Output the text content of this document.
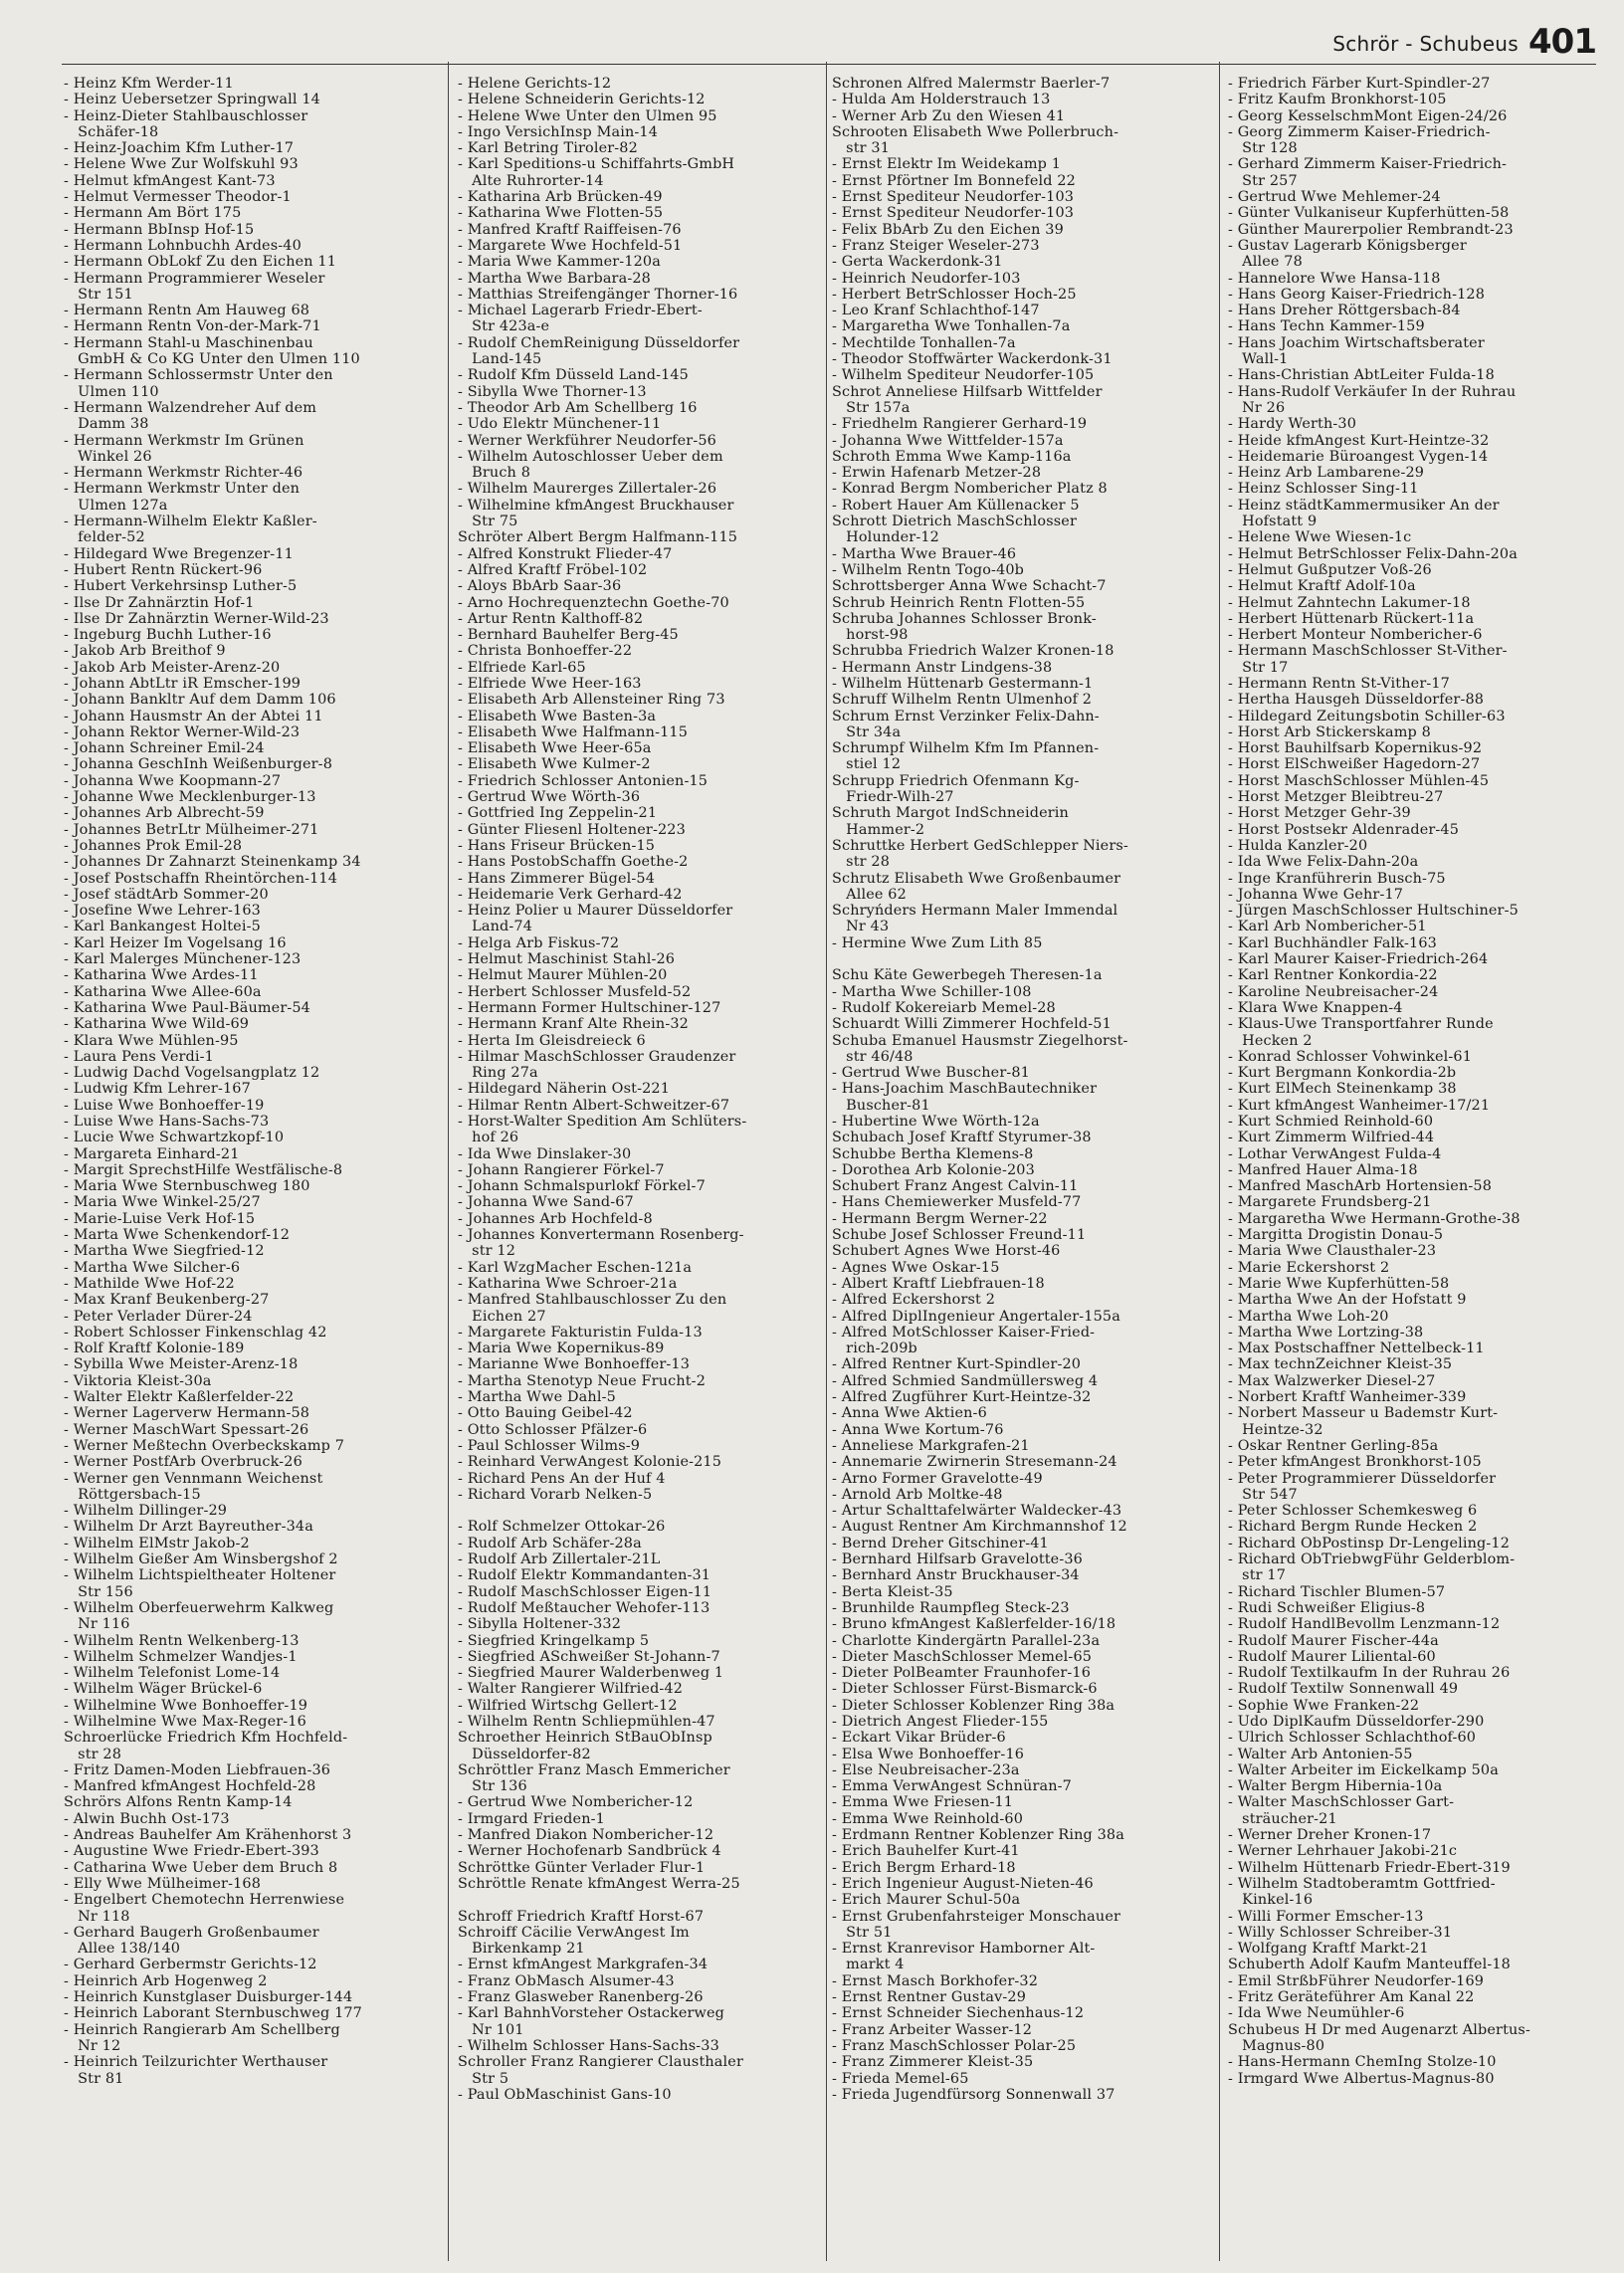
Schrör - Schubeus 401

- Heinz Kfm Werder-11

- Heinz Uebersetzer Springwall 14

- Heinz-Dieter Stahlbauschlosser

Schäfer-18

- Heinz-Joachim Kfm Luther-17

- Helene Wwe Zur Wolfskuhl 93

- Helmut kfmAngest Kant-73

- Helmut Vermesser Theodor-1

- Hermann Am Bört 175

- Hermann BbInsp Hof-15

- Hermann Lohnbuchh Ardes-40

- Hermann ObLokf Zu den Eichen 11

- Hermann Programmierer Weseler

Str 151

- Hermann Rentn Am Hauweg 68

- Hermann Rentn Von-der-Mark-71

- Hermann Stahl-u Maschinenbau

GmbH & Co KG Unter den Ulmen 110

- Hermann Schlossermstr Unter den

Ulmen 110

- Hermann Walzendreher Auf dem

Damm 38

- Hermann Werkmstr Im Grünen

Winkel 26

- Hermann Werkmstr Richter-46

- Hermann Werkmstr Unter den

Ulmen 127a

- Hermann-Wilhelm Elektr Kaßler-

felder-52

- Hildegard Wwe Bregenzer-11

- Hubert Rentn Rückert-96

- Hubert Verkehrsinsp Luther-5

- Ilse Dr Zahnärztin Hof-1

- Ilse Dr Zahnärztin Werner-Wild-23

- Ingeburg Buchh Luther-16

- Jakob Arb Breithof 9

- Jakob Arb Meister-Arenz-20

- Johann AbtLtr iR Emscher-199

- Johann Bankltr Auf dem Damm 106

- Johann Hausmstr An der Abtei 11

- Johann Rektor Werner-Wild-23

- Johann Schreiner Emil-24

- Johanna GeschInh Weißenburger-8

- Johanna Wwe Koopmann-27

- Johanne Wwe Mecklenburger-13

- Johannes Arb Albrecht-59

- Johannes BetrLtr Mülheimer-271

- Johannes Prok Emil-28

- Johannes Dr Zahnarzt Steinenkamp 34

- Josef Postschaffn Rheintörchen-114

- Josef städtArb Sommer-20

- Josefine Wwe Lehrer-163

- Karl Bankangest Holtei-5

- Karl Heizer Im Vogelsang 16

- Karl Malerges Münchener-123

- Katharina Wwe Ardes-11

- Katharina Wwe Allee-60a

- Katharina Wwe Paul-Bäumer-54

- Katharina Wwe Wild-69

- Klara Wwe Mühlen-95

- Laura Pens Verdi-1

- Ludwig Dachd Vogelsangplatz 12

- Ludwig Kfm Lehrer-167

- Luise Wwe Bonhoeffer-19

- Luise Wwe Hans-Sachs-73

- Lucie Wwe Schwartzkopf-10

- Margareta Einhard-21

- Margit SprechstHilfe Westfälische-8

- Maria Wwe Sternbuschweg 180

- Maria Wwe Winkel-25/27

- Marie-Luise Verk Hof-15

- Marta Wwe Schenkendorf-12

- Martha Wwe Siegfried-12

- Martha Wwe Silcher-6

- Mathilde Wwe Hof-22

- Max Kranf Beukenberg-27

- Peter Verlader Dürer-24

- Robert Schlosser Finkenschlag 42

- Rolf Kraftf Kolonie-189

- Sybilla Wwe Meister-Arenz-18

- Viktoria Kleist-30a

- Walter Elektr Kaßlerfelder-22

- Werner Lagerverw Hermann-58

- Werner MaschWart Spessart-26

- Werner Meßtechn Overbeckskamp 7

- Werner PostfArb Overbruck-26

- Werner gen Vennmann Weichenst

Röttgersbach-15

- Wilhelm Dillinger-29

- Wilhelm Dr Arzt Bayreuther-34a

- Wilhelm ElMstr Jakob-2

- Wilhelm Gießer Am Winsbergshof 2

- Wilhelm Lichtspieltheater Holtener

Str 156

- Wilhelm Oberfeuerwehrm Kalkweg

Nr 116

- Wilhelm Rentn Welkenberg-13

- Wilhelm Schmelzer Wandjes-1

- Wilhelm Telefonist Lome-14

- Wilhelm Wäger Brückel-6

- Wilhelmine Wwe Bonhoeffer-19

- Wilhelmine Wwe Max-Reger-16

Schroerlücke Friedrich Kfm Hochfeld-

str 28

- Fritz Damen-Moden Liebfrauen-36

- Manfred kfmAngest Hochfeld-28

Schrörs Alfons Rentn Kamp-14

- Alwin Buchh Ost-173

- Andreas Bauhelfer Am Krähenhorst 3

- Augustine Wwe Friedr-Ebert-393

- Catharina Wwe Ueber dem Bruch 8

- Elly Wwe Mülheimer-168

- Engelbert Chemotechn Herrenwiese

Nr 118

- Gerhard Baugerh Großenbaumer

Allee 138/140

- Gerhard Gerbermstr Gerichts-12

- Heinrich Arb Hogenweg 2

- Heinrich Kunstglaser Duisburger-144

- Heinrich Laborant Sternbuschweg 177

- Heinrich Rangierarb Am Schellberg

Nr 12

- Heinrich Teilzurichter Werthauser

Str 81

- Helene Gerichts-12

- Helene Schneiderin Gerichts-12

- Helene Wwe Unter den Ulmen 95

- Ingo VersichInsp Main-14

- Karl Betring Tiroler-82

- Karl Speditions-u Schiffahrts-GmbH

Alte Ruhrorter-14

- Katharina Arb Brücken-49

- Katharina Wwe Flotten-55

- Manfred Kraftf Raiffeisen-76

- Margarete Wwe Hochfeld-51

- Maria Wwe Kammer-120a

- Martha Wwe Barbara-28

- Matthias Streifengänger Thorner-16

- Michael Lagerarb Friedr-Ebert-

Str 423a-e

- Rudolf ChemReinigung Düsseldorfer

Land-145

- Rudolf Kfm Düsseld Land-145

- Sibylla Wwe Thorner-13

- Theodor Arb Am Schellberg 16

- Udo Elektr Münchener-11

- Werner Werkführer Neudorfer-56

- Wilhelm Autoschlosser Ueber dem

Bruch 8

- Wilhelm Maurerges Zillertaler-26

- Wilhelmine kfmAngest Bruckhauser

Str 75

Schröter Albert Bergm Halfmann-115

- Alfred Konstrukt Flieder-47

- Alfred Kraftf Fröbel-102

- Aloys BbArb Saar-36

- Arno Hochrequenztechn Goethe-70

- Artur Rentn Kalthoff-82

- Bernhard Bauhelfer Berg-45

- Christa Bonhoeffer-22

- Elfriede Karl-65

- Elfriede Wwe Heer-163

- Elisabeth Arb Allensteiner Ring 73

- Elisabeth Wwe Basten-3a

- Elisabeth Wwe Halfmann-115

- Elisabeth Wwe Heer-65a

- Elisabeth Wwe Kulmer-2

- Friedrich Schlosser Antonien-15

- Gertrud Wwe Wörth-36

- Gottfried Ing Zeppelin-21

- Günter Fliesenl Holtener-223

- Hans Friseur Brücken-15

- Hans PostobSchaffn Goethe-2

- Hans Zimmerer Bügel-54

- Heidemarie Verk Gerhard-42

- Heinz Polier u Maurer Düsseldorfer

Land-74

- Helga Arb Fiskus-72

- Helmut Maschinist Stahl-26

- Helmut Maurer Mühlen-20

- Herbert Schlosser Musfeld-52

- Hermann Former Hultschiner-127

- Hermann Kranf Alte Rhein-32

- Herta Im Gleisdreieck 6

- Hilmar MaschSchlosser Graudenzer

Ring 27a

- Hildegard Näherin Ost-221

- Hilmar Rentn Albert-Schweitzer-67

- Horst-Walter Spedition Am Schlüters-

hof 26

- Ida Wwe Dinslaker-30

- Johann Rangierer Förkel-7

- Johann Schmalspurlokf Förkel-7

- Johanna Wwe Sand-67

- Johannes Arb Hochfeld-8

- Johannes Konvertermann Rosenberg-

str 12

- Karl WzgMacher Eschen-121a

- Katharina Wwe Schroer-21a

- Manfred Stahlbauschlosser Zu den

Eichen 27

- Margarete Fakturistin Fulda-13

- Maria Wwe Kopernikus-89

- Marianne Wwe Bonhoeffer-13

- Martha Stenotyp Neue Frucht-2

- Martha Wwe Dahl-5

- Otto Bauing Geibel-42

- Otto Schlosser Pfälzer-6

- Paul Schlosser Wilms-9

- Reinhard VerwAngest Kolonie-215

- Richard Pens An der Huf 4

- Richard Vorarb Nelken-5

- Rolf Schmelzer Ottokar-26

- Rudolf Arb Schäfer-28a

- Rudolf Arb Zillertaler-21L

- Rudolf Elektr Kommandanten-31

- Rudolf MaschSchlosser Eigen-11

- Rudolf Meßtaucher Wehofer-113

- Sibylla Holtener-332

- Siegfried Kringelkamp 5

- Siegfried ASchweißer St-Johann-7

- Siegfried Maurer Walderbenweg 1

- Walter Rangierer Wilfried-42

- Wilfried Wirtschg Gellert-12

- Wilhelm Rentn Schliepmühlen-47

Schroether Heinrich StBauObInsp

Düsseldorfer-82

Schröttler Franz Masch Emmericher

Str 136

- Gertrud Wwe Nombericher-12

- Irmgard Frieden-1

- Manfred Diakon Nombericher-12

- Werner Hochofenarb Sandbrück 4

Schröttke Günter Verlader Flur-1

Schröttle Renate kfmAngest Werra-25

Schroff Friedrich Kraftf Horst-67

Schroiff Cäcilie VerwAngest Im

Birkenkamp 21

- Ernst kfmAngest Markgrafen-34

- Franz ObMasch Alsumer-43

- Franz Glasweber Ranenberg-26

- Karl BahnhVorsteher Ostackerweg

Nr 101

- Wilhelm Schlosser Hans-Sachs-33

Schroller Franz Rangierer Clausthaler

Str 5

- Paul ObMaschinist Gans-10

Schronen Alfred Malermstr Baerler-7

- Hulda Am Holderstrauch 13

- Werner Arb Zu den Wiesen 41

Schrooten Elisabeth Wwe Pollerbruch-

str 31

- Ernst Elektr Im Weidekamp 1

- Ernst Pförtner Im Bonnefeld 22

- Ernst Spediteur Neudorfer-103

- Ernst Spediteur Neudorfer-103

- Felix BbArb Zu den Eichen 39

- Franz Steiger Weseler-273

- Gerta Wackerdonk-31

- Heinrich Neudorfer-103

- Herbert BetrSchlosser Hoch-25

- Leo Kranf Schlachthof-147

- Margaretha Wwe Tonhallen-7a

- Mechtilde Tonhallen-7a

- Theodor Stoffwärter Wackerdonk-31

- Wilhelm Spediteur Neudorfer-105

Schrot Anneliese Hilfsarb Wittfelder

Str 157a

- Friedhelm Rangierer Gerhard-19

- Johanna Wwe Wittfelder-157a

Schroth Emma Wwe Kamp-116a

- Erwin Hafenarb Metzer-28

- Konrad Bergm Nombericher Platz 8

- Robert Hauer Am Küllenacker 5

Schrott Dietrich MaschSchlosser

Holunder-12

- Martha Wwe Brauer-46

- Wilhelm Rentn Togo-40b

Schrottsberger Anna Wwe Schacht-7

Schrub Heinrich Rentn Flotten-55

Schruba Johannes Schlosser Bronk-

horst-98

Schrubba Friedrich Walzer Kronen-18

- Hermann Anstr Lindgens-38

- Wilhelm Hüttenarb Gestermann-1

Schruff Wilhelm Rentn Ulmenhof 2

Schrum Ernst Verzinker Felix-Dahn-

Str 34a

Schrumpf Wilhelm Kfm Im Pfannen-

stiel 12

Schrupp Friedrich Ofenmann Kg-

Friedr-Wilh-27

Schruth Margot IndSchneiderin

Hammer-2

Schruttke Herbert GedSchlepper Niers-

str 28

Schrutz Elisabeth Wwe Großenbaumer

Allee 62

Schryńders Hermann Maler Immendal

Nr 43

- Hermine Wwe Zum Lith 85

Schu Käte Gewerbegeh Theresen-1a

- Martha Wwe Schiller-108

- Rudolf Kokereiarb Memel-28

Schuardt Willi Zimmerer Hochfeld-51

Schuba Emanuel Hausmstr Ziegelhorst-

str 46/48

- Gertrud Wwe Buscher-81

- Hans-Joachim MaschBautechniker

Buscher-81

- Hubertine Wwe Wörth-12a

Schubach Josef Kraftf Styrumer-38

Schubbe Bertha Klemens-8

- Dorothea Arb Kolonie-203

Schubert Franz Angest Calvin-11

- Hans Chemiewerker Musfeld-77

- Hermann Bergm Werner-22

Schube Josef Schlosser Freund-11

Schubert Agnes Wwe Horst-46

- Agnes Wwe Oskar-15

- Albert Kraftf Liebfrauen-18

- Alfred Eckershorst 2

- Alfred DiplIngenieur Angertaler-155a

- Alfred MotSchlosser Kaiser-Fried-

rich-209b

- Alfred Rentner Kurt-Spindler-20

- Alfred Schmied Sandmüllersweg 4

- Alfred Zugführer Kurt-Heintze-32

- Anna Wwe Aktien-6

- Anna Wwe Kortum-76

- Anneliese Markgrafen-21

- Annemarie Zwirnerin Stresemann-24

- Arno Former Gravelotte-49

- Arnold Arb Moltke-48

- Artur Schalttafelwärter Waldecker-43

- August Rentner Am Kirchmannshof 12

- Bernd Dreher Gitschiner-41

- Bernhard Hilfsarb Gravelotte-36

- Bernhard Anstr Bruckhauser-34

- Berta Kleist-35

- Brunhilde Raumpfleg Steck-23

- Bruno kfmAngest Kaßlerfelder-16/18

- Charlotte Kindergärtn Parallel-23a

- Dieter MaschSchlosser Memel-65

- Dieter PolBeamter Fraunhofer-16

- Dieter Schlosser Fürst-Bismarck-6

- Dieter Schlosser Koblenzer Ring 38a

- Dietrich Angest Flieder-155

- Eckart Vikar Brüder-6

- Elsa Wwe Bonhoeffer-16

- Else Neubreisacher-23a

- Emma VerwAngest Schnüran-7

- Emma Wwe Friesen-11

- Emma Wwe Reinhold-60

- Erdmann Rentner Koblenzer Ring 38a

- Erich Bauhelfer Kurt-41

- Erich Bergm Erhard-18

- Erich Ingenieur August-Nieten-46

- Erich Maurer Schul-50a

- Ernst Grubenfahrsteiger Monschauer

Str 51

- Ernst Kranrevisor Hamborner Alt-

markt 4

- Ernst Masch Borkhofer-32

- Ernst Rentner Gustav-29

- Ernst Schneider Siechenhaus-12

- Franz Arbeiter Wasser-12

- Franz MaschSchlosser Polar-25

- Franz Zimmerer Kleist-35

- Frieda Memel-65

- Frieda Jugendfürsorg Sonnenwall 37

- Friedrich Färber Kurt-Spindler-27

- Fritz Kaufm Bronkhorst-105

- Georg KesselschmMont Eigen-24/26

- Georg Zimmerm Kaiser-Friedrich-

Str 128

- Gerhard Zimmerm Kaiser-Friedrich-

Str 257

- Gertrud Wwe Mehlemer-24

- Günter Vulkaniseur Kupferhütten-58

- Günther Maurerpolier Rembrandt-23

- Gustav Lagerarb Königsberger

Allee 78

- Hannelore Wwe Hansa-118

- Hans Georg Kaiser-Friedrich-128

- Hans Dreher Röttgersbach-84

- Hans Techn Kammer-159

- Hans Joachim Wirtschaftsberater

Wall-1

- Hans-Christian AbtLeiter Fulda-18

- Hans-Rudolf Verkäufer In der Ruhrau

Nr 26

- Hardy Werth-30

- Heide kfmAngest Kurt-Heintze-32

- Heidemarie Büroangest Vygen-14

- Heinz Arb Lambarene-29

- Heinz Schlosser Sing-11

- Heinz städtKammermusiker An der

Hofstatt 9

- Helene Wwe Wiesen-1c

- Helmut BetrSchlosser Felix-Dahn-20a

- Helmut Gußputzer Voß-26

- Helmut Kraftf Adolf-10a

- Helmut Zahntechn Lakumer-18

- Herbert Hüttenarb Rückert-11a

- Herbert Monteur Nombericher-6

- Hermann MaschSchlosser St-Vither-

Str 17

- Hermann Rentn St-Vither-17

- Hertha Hausgeh Düsseldorfer-88

- Hildegard Zeitungsbotin Schiller-63

- Horst Arb Stickerskamp 8

- Horst Bauhilfsarb Kopernikus-92

- Horst ElSchweißer Hagedorn-27

- Horst MaschSchlosser Mühlen-45

- Horst Metzger Bleibtreu-27

- Horst Metzger Gehr-39

- Horst Postsekr Aldenrader-45

- Hulda Kanzler-20

- Ida Wwe Felix-Dahn-20a

- Inge Kranführerin Busch-75

- Johanna Wwe Gehr-17

- Jürgen MaschSchlosser Hultschiner-5

- Karl Arb Nombericher-51

- Karl Buchhändler Falk-163

- Karl Maurer Kaiser-Friedrich-264

- Karl Rentner Konkordia-22

- Karoline Neubreisacher-24

- Klara Wwe Knappen-4

- Klaus-Uwe Transportfahrer Runde

Hecken 2

- Konrad Schlosser Vohwinkel-61

- Kurt Bergmann Konkordia-2b

- Kurt ElMech Steinenkamp 38

- Kurt kfmAngest Wanheimer-17/21

- Kurt Schmied Reinhold-60

- Kurt Zimmerm Wilfried-44

- Lothar VerwAngest Fulda-4

- Manfred Hauer Alma-18

- Manfred MaschArb Hortensien-58

- Margarete Frundsberg-21

- Margaretha Wwe Hermann-Grothe-38

- Margitta Drogistin Donau-5

- Maria Wwe Clausthaler-23

- Marie Eckershorst 2

- Marie Wwe Kupferhütten-58

- Martha Wwe An der Hofstatt 9

- Martha Wwe Loh-20

- Martha Wwe Lortzing-38

- Max Postschaffner Nettelbeck-11

- Max technZeichner Kleist-35

- Max Walzwerker Diesel-27

- Norbert Kraftf Wanheimer-339

- Norbert Masseur u Bademstr Kurt-

Heintze-32

- Oskar Rentner Gerling-85a

- Peter kfmAngest Bronkhorst-105

- Peter Programmierer Düsseldorfer

Str 547

- Peter Schlosser Schemkesweg 6

- Richard Bergm Runde Hecken 2

- Richard ObPostinsp Dr-Lengeling-12

- Richard ObTriebwgFühr Gelderblom-

str 17

- Richard Tischler Blumen-57

- Rudi Schweißer Eligius-8

- Rudolf HandlBevollm Lenzmann-12

- Rudolf Maurer Fischer-44a

- Rudolf Maurer Liliental-60

- Rudolf Textilkaufm In der Ruhrau 26

- Rudolf Textilw Sonnenwall 49

- Sophie Wwe Franken-22

- Udo DiplKaufm Düsseldorfer-290

- Ulrich Schlosser Schlachthof-60

- Walter Arb Antonien-55

- Walter Arbeiter im Eickelkamp 50a

- Walter Bergm Hibernia-10a

- Walter MaschSchlosser Gart-

sträucher-21

- Werner Dreher Kronen-17

- Werner Lehrhauer Jakobi-21c

- Wilhelm Hüttenarb Friedr-Ebert-319

- Wilhelm Stadtoberamtm Gottfried-

Kinkel-16

- Willi Former Emscher-13

- Willy Schlosser Schreiber-31

- Wolfgang Kraftf Markt-21

Schuberth Adolf Kaufm Manteuffel-18

- Emil StrßbFührer Neudorfer-169

- Fritz Geräteführer Am Kanal 22

- Ida Wwe Neumühler-6

Schubeus H Dr med Augenarzt Albertus-

Magnus-80

- Hans-Hermann ChemIng Stolze-10

- Irmgard Wwe Albertus-Magnus-80
